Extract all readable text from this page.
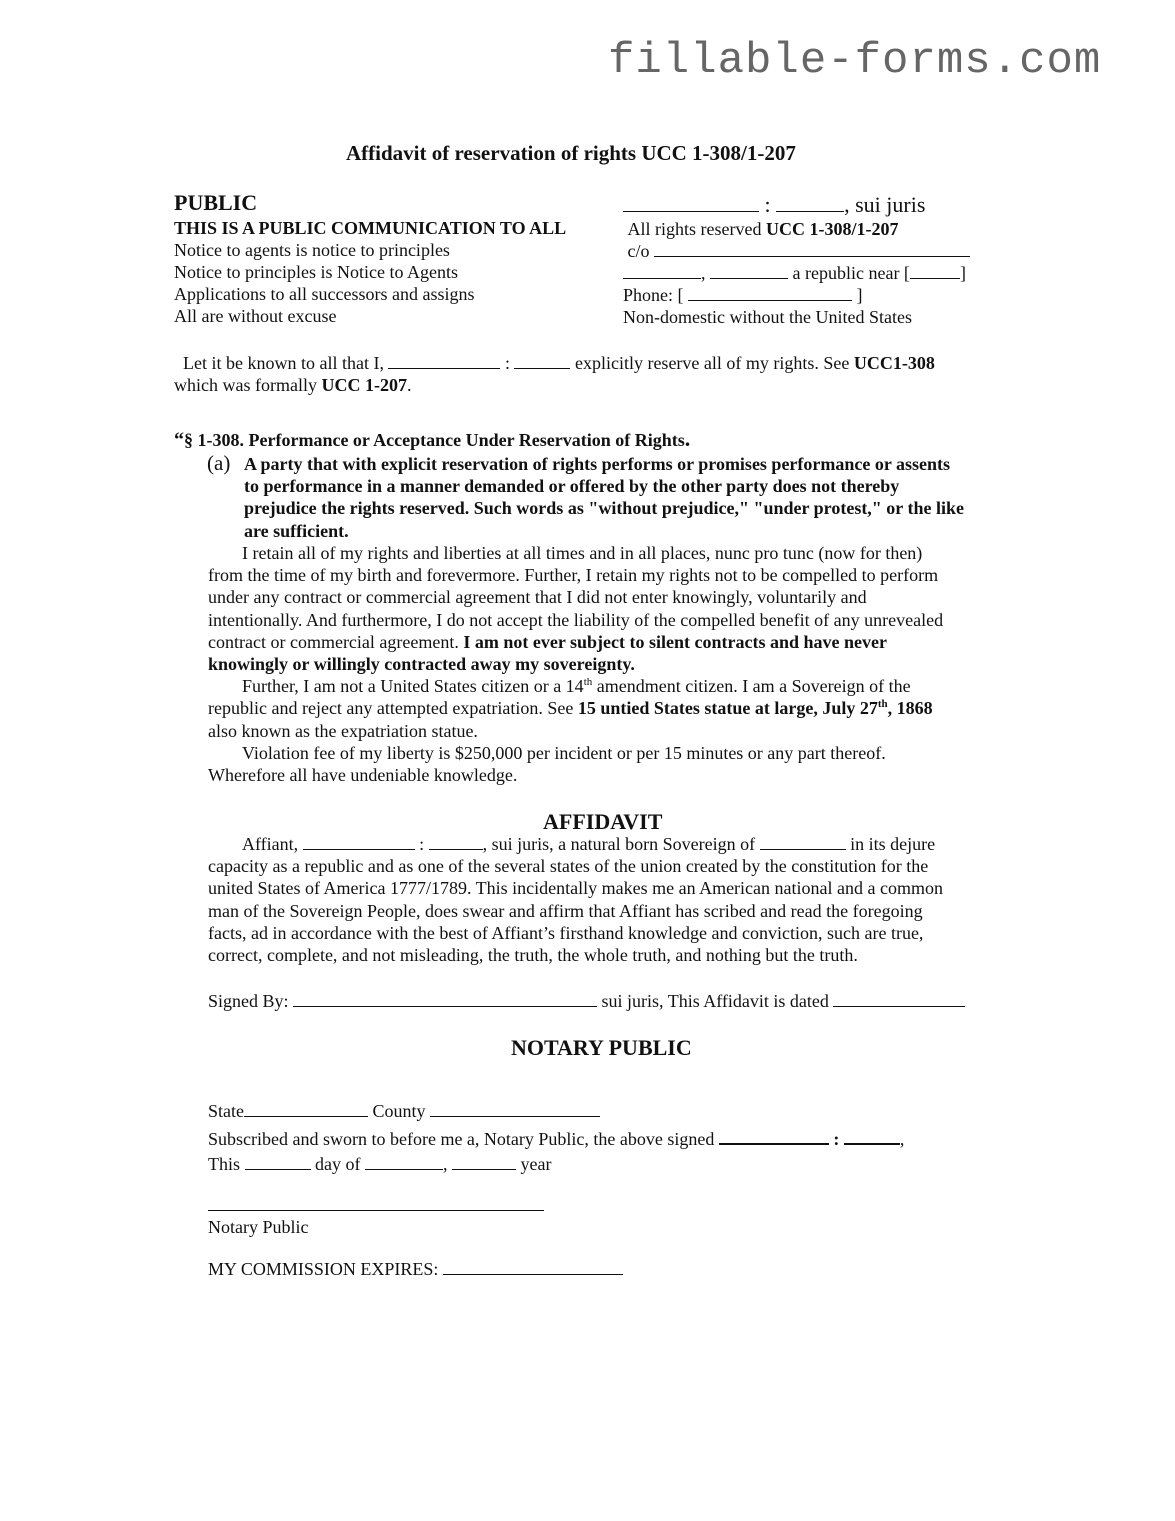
fillable-forms.com
Affidavit of reservation of rights UCC 1-308/1-207
PUBLIC
THIS IS A PUBLIC COMMUNICATION TO ALL
Notice to agents is notice to principles
Notice to principles is Notice to Agents
Applications to all successors and assigns
All are without excuse
:	, sui juris
All rights reserved UCC 1-308/1-207
c/o
,	a republic near [	]
Phone: [	]
Non-domestic without the United States
Let it be known to all that I,	:	explicitly reserve all of my rights. See UCC1-308
which was formally UCC 1-207.
“§ 1-308. Performance or Acceptance Under Reservation of Rights.
(a) A party that with explicit reservation of rights performs or promises performance or assents
to performance in a manner demanded or offered by the other party does not thereby
prejudice the rights reserved. Such words as "without prejudice," "under protest," or the like
are sufficient.
I retain all of my rights and liberties at all times and in all places, nunc pro tunc (now for then)
from the time of my birth and forevermore. Further, I retain my rights not to be compelled to perform
under any contract or commercial agreement that I did not enter knowingly, voluntarily and
intentionally. And furthermore, I do not accept the liability of the compelled benefit of any unrevealed
contract or commercial agreement. I am not ever subject to silent contracts and have never
knowingly or willingly contracted away my sovereignty.
Further, I am not a United States citizen or a 14th amendment citizen. I am a Sovereign of the
republic and reject any attempted expatriation. See 15 untied States statue at large, July 27th, 1868
also known as the expatriation statue.
Violation fee of my liberty is $250,000 per incident or per 15 minutes or any part thereof.
Wherefore all have undeniable knowledge.
AFFIDAVIT
Affiant,	:	, sui juris, a natural born Sovereign of	in its dejure
capacity as a republic and as one of the several states of the union created by the constitution for the
united States of America 1777/1789. This incidentally makes me an American national and a common
man of the Sovereign People, does swear and affirm that Affiant has scribed and read the foregoing
facts, ad in accordance with the best of Affiant’s firsthand knowledge and conviction, such are true,
correct, complete, and not misleading, the truth, the whole truth, and nothing but the truth.
Signed By:	sui juris, This Affidavit is dated
NOTARY PUBLIC
State	County
Subscribed and sworn to before me a, Notary Public, the above signed	:	,
This	day of	,	year
Notary Public
MY COMMISSION EXPIRES:
